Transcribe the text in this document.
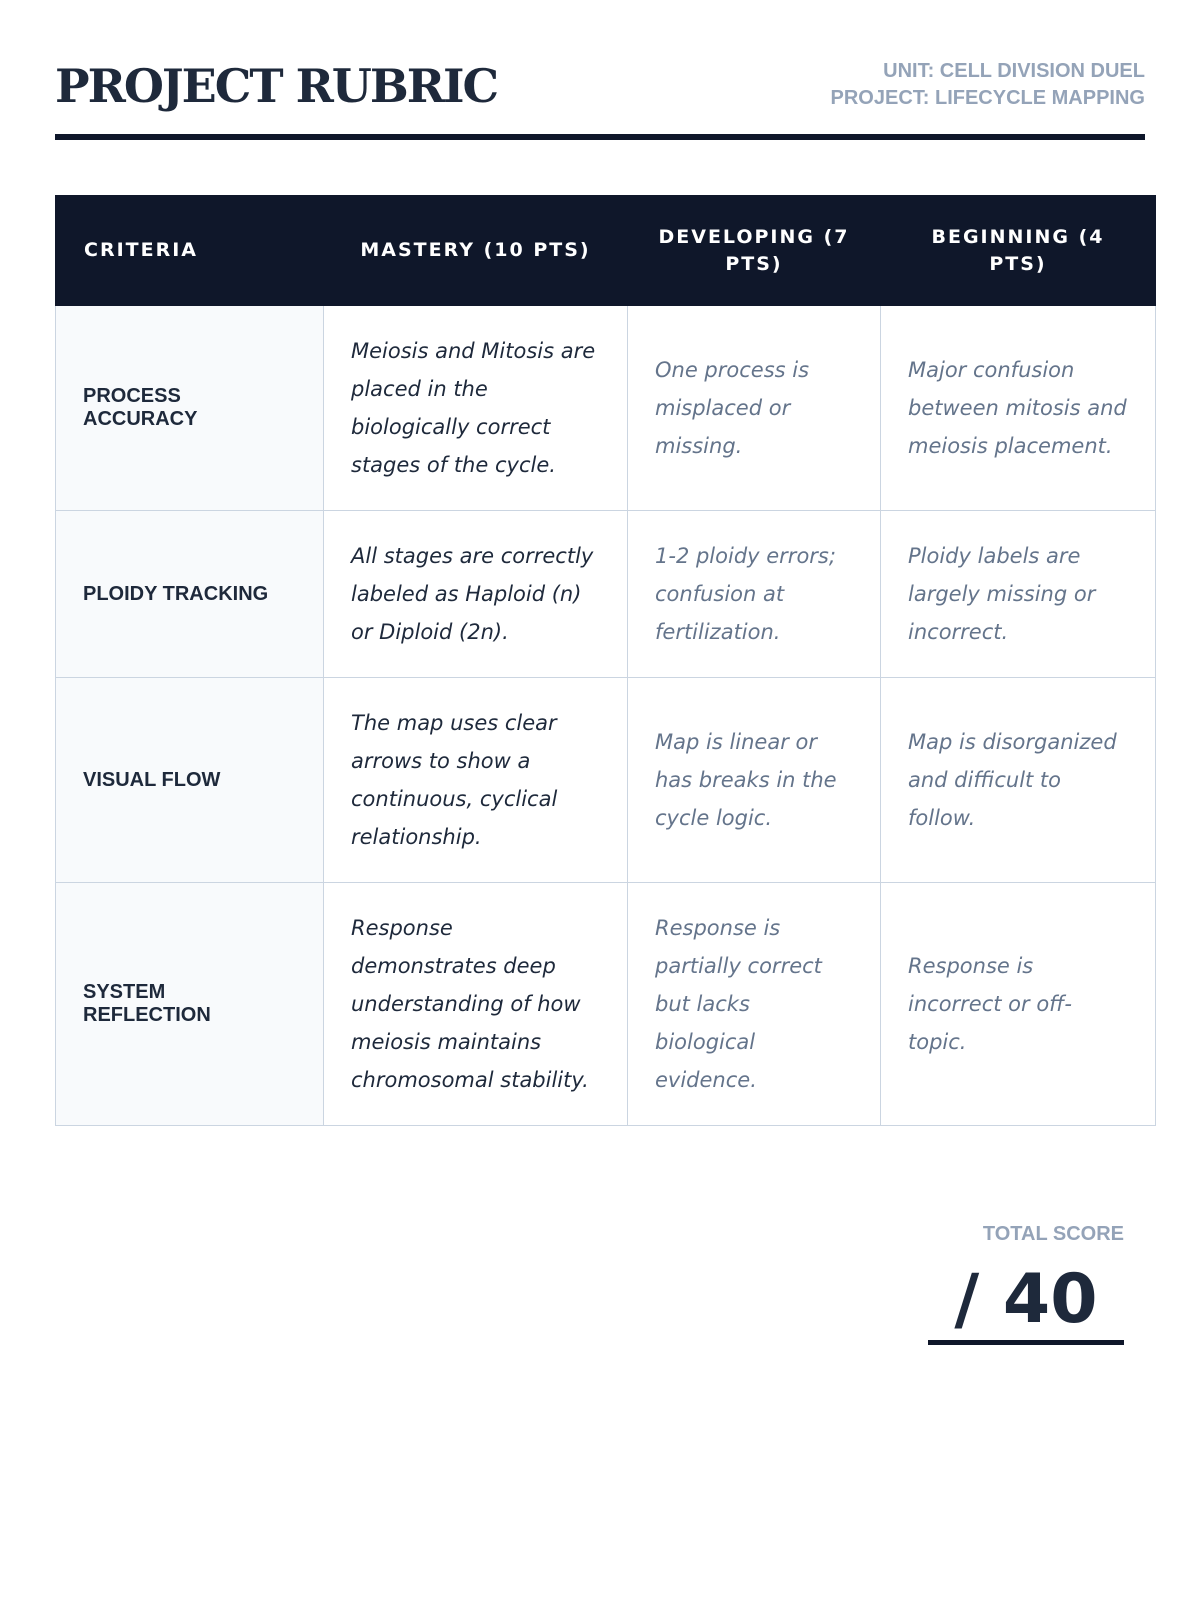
PROJECT RUBRIC	UNIT: CELL DIVISION DUEL
PROJECT: LIFECYCLE MAPPING
CRITERIA	MASTERY (10 PTS)	DEVELOPING (7 PTS)	BEGINNING (4 PTS)
PROCESS ACCURACY	Meiosis and Mitosis are placed in the biologically correct stages of the cycle.	One process is misplaced or missing.	Major confusion between mitosis and meiosis placement.
PLOIDY TRACKING	All stages are correctly labeled as Haploid (n) or Diploid (2n).	1-2 ploidy errors; confusion at fertilization.	Ploidy labels are largely missing or incorrect.
VISUAL FLOW	The map uses clear arrows to show a continuous, cyclical relationship.	Map is linear or has breaks in the cycle logic.	Map is disorganized and difficult to follow.
SYSTEM REFLECTION	Response demonstrates deep understanding of how meiosis maintains chromosomal stability.	Response is partially correct but lacks biological evidence.	Response is incorrect or off-topic.
TOTAL SCORE
/ 40
